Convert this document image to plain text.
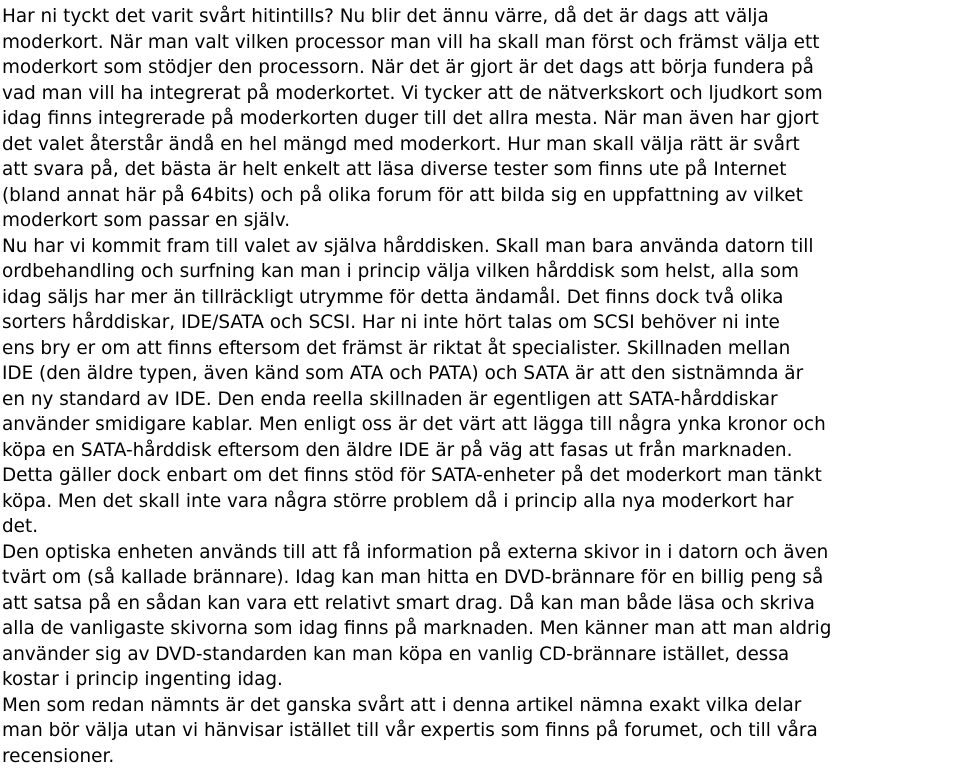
Har ni tyckt det varit svårt hitintills? Nu blir det ännu värre, då det är dags att välja
moderkort. När man valt vilken processor man vill ha skall man först och främst välja ett
moderkort som stödjer den processorn. När det är gjort är det dags att börja fundera på
vad man vill ha integrerat på moderkortet. Vi tycker att de nätverkskort och ljudkort som
idag finns integrerade på moderkorten duger till det allra mesta. När man även har gjort
det valet återstår ändå en hel mängd med moderkort. Hur man skall välja rätt är svårt
att svara på, det bästa är helt enkelt att läsa diverse tester som finns ute på Internet
(bland annat här på 64bits) och på olika forum för att bilda sig en uppfattning av vilket
moderkort som passar en själv.

Nu har vi kommit fram till valet av själva hårddisken. Skall man bara använda datorn till
ordbehandling och surfning kan man i princip välja vilken hårddisk som helst, alla som
idag säljs har mer än tillräckligt utrymme för detta ändamål. Det finns dock två olika
sorters hårddiskar, IDE/SATA och SCSI. Har ni inte hört talas om SCSI behöver ni inte
ens bry er om att finns eftersom det främst är riktat åt specialister. Skillnaden mellan
IDE (den äldre typen, även känd som ATA och PATA) och SATA är att den sistnämnda är
en ny standard av IDE. Den enda reella skillnaden är egentligen att SATA-hårddiskar
använder smidigare kablar. Men enligt oss är det värt att lägga till några ynka kronor och
köpa en SATA-hårddisk eftersom den äldre IDE är på väg att fasas ut från marknaden.
Detta gäller dock enbart om det finns stöd för SATA-enheter på det moderkort man tänkt
köpa. Men det skall inte vara några större problem då i princip alla nya moderkort har
det.

Den optiska enheten används till att få information på externa skivor in i datorn och även
tvärt om (så kallade brännare). Idag kan man hitta en DVD-brännare för en billig peng så
att satsa på en sådan kan vara ett relativt smart drag. Då kan man både läsa och skriva
alla de vanligaste skivorna som idag finns på marknaden. Men känner man att man aldrig
använder sig av DVD-standarden kan man köpa en vanlig CD-brännare istället, dessa
kostar i princip ingenting idag.

Men som redan nämnts är det ganska svårt att i denna artikel nämna exakt vilka delar
man bör välja utan vi hänvisar istället till vår expertis som finns på forumet, och till våra
recensioner.
